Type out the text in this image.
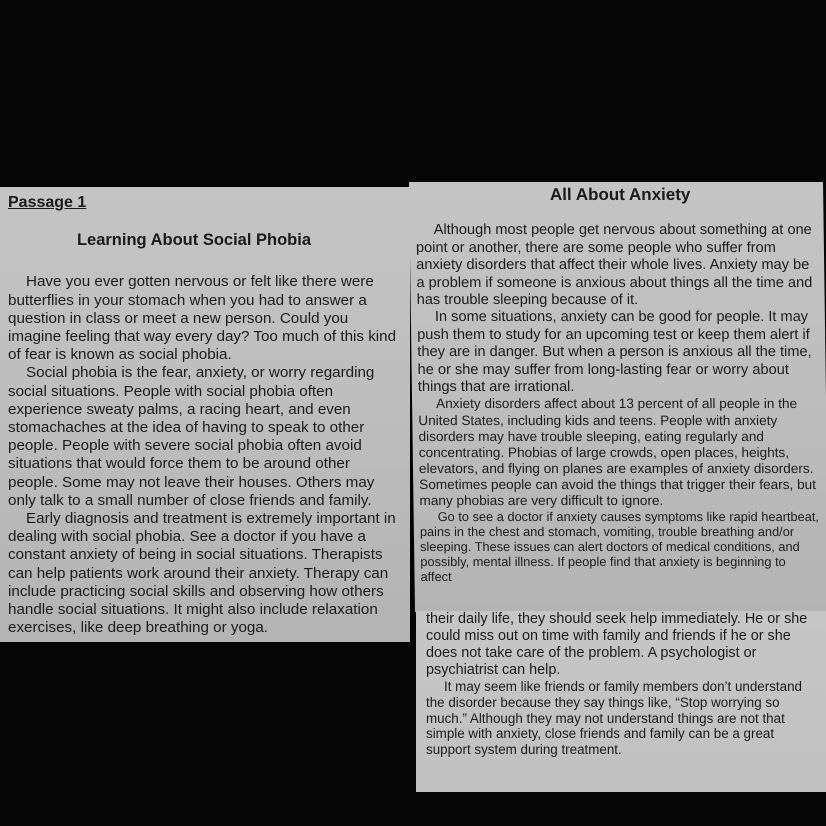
Passage 1
Learning About Social Phobia

Have you ever gotten nervous or felt like there were butterflies in your stomach when you had to answer a question in class or meet a new person. Could you imagine feeling that way every day? Too much of this kind of fear is known as social phobia.

Social phobia is the fear, anxiety, or worry regarding social situations. People with social phobia often experience sweaty palms, a racing heart, and even stomachaches at the idea of having to speak to other people. People with severe social phobia often avoid situations that would force them to be around other people. Some may not leave their houses. Others may only talk to a small number of close friends and family.

Early diagnosis and treatment is extremely important in dealing with social phobia. See a doctor if you have a constant anxiety of being in social situations. Therapists can help patients work around their anxiety. Therapy can include practicing social skills and observing how others handle social situations. It might also include relaxation exercises, like deep breathing or yoga.

All About Anxiety

Although most people get nervous about something at one point or another, there are some people who suffer from anxiety disorders that affect their whole lives. Anxiety may be a problem if someone is anxious about things all the time and has trouble sleeping because of it.

In some situations, anxiety can be good for people. It may push them to study for an upcoming test or keep them alert if they are in danger. But when a person is anxious all the time, he or she may suffer from long-lasting fear or worry about things that are irrational.

Anxiety disorders affect about 13 percent of all people in the United States, including kids and teens. People with anxiety disorders may have trouble sleeping, eating regularly and concentrating. Phobias of large crowds, open places, heights, elevators, and flying on planes are examples of anxiety disorders. Sometimes people can avoid the things that trigger their fears, but many phobias are very difficult to ignore.

Go to see a doctor if anxiety causes symptoms like rapid heartbeat, pains in the chest and stomach, vomiting, trouble breathing and/or sleeping. These issues can alert doctors of medical conditions, and possibly, mental illness. If people find that anxiety is beginning to affect

their daily life, they should seek help immediately. He or she could miss out on time with family and friends if he or she does not take care of the problem. A psychologist or psychiatrist can help.

It may seem like friends or family members don’t understand the disorder because they say things like, “Stop worrying so much.” Although they may not understand things are not that simple with anxiety, close friends and family can be a great support system during treatment.
